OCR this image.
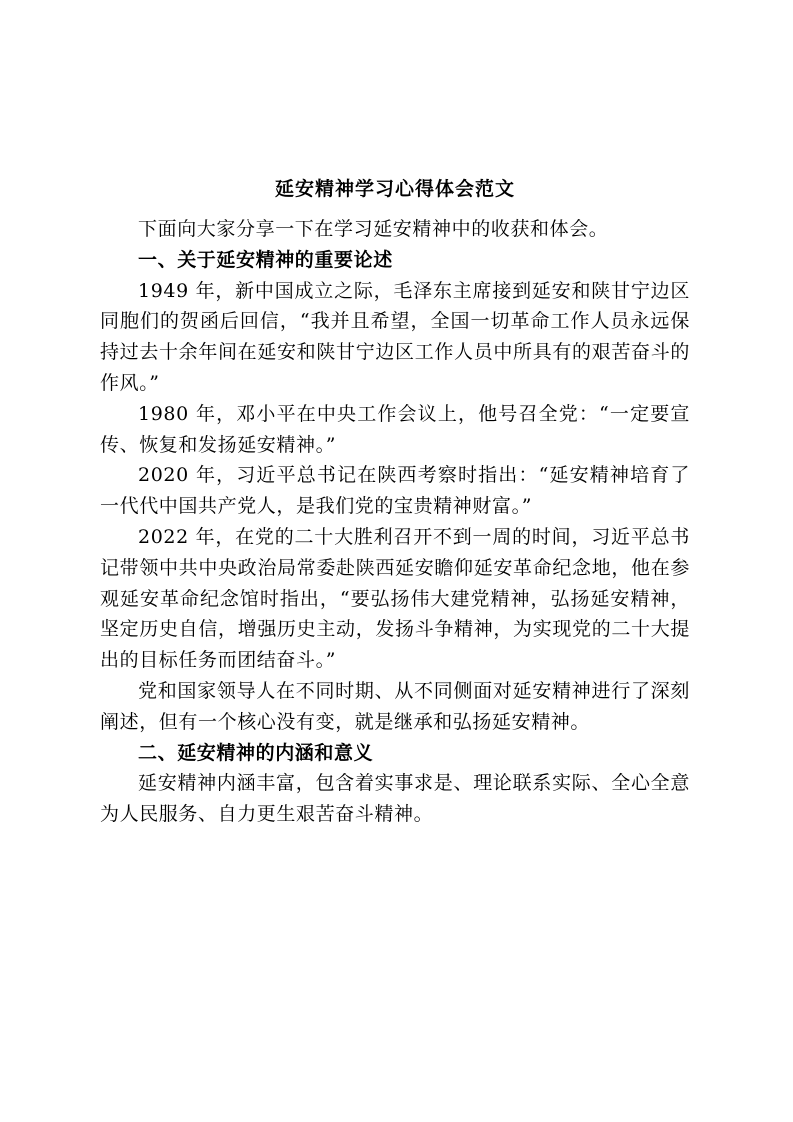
延安精神学习心得体会范文

下面向大家分享一下在学习延安精神中的收获和体会。

一、关于延安精神的重要论述

1949 年，新中国成立之际，毛泽东主席接到延安和陕甘宁边区同胞们的贺函后回信，“我并且希望，全国一切革命工作人员永远保持过去十余年间在延安和陕甘宁边区工作人员中所具有的艰苦奋斗的作风。”

1980 年，邓小平在中央工作会议上，他号召全党：“一定要宣传、恢复和发扬延安精神。”

2020 年，习近平总书记在陕西考察时指出：“延安精神培育了一代代中国共产党人，是我们党的宝贵精神财富。”

2022 年，在党的二十大胜利召开不到一周的时间，习近平总书记带领中共中央政治局常委赴陕西延安瞻仰延安革命纪念地，他在参观延安革命纪念馆时指出，“要弘扬伟大建党精神，弘扬延安精神，坚定历史自信，增强历史主动，发扬斗争精神，为实现党的二十大提出的目标任务而团结奋斗。”

党和国家领导人在不同时期、从不同侧面对延安精神进行了深刻阐述，但有一个核心没有变，就是继承和弘扬延安精神。

二、延安精神的内涵和意义

延安精神内涵丰富，包含着实事求是、理论联系实际、全心全意为人民服务、自力更生艰苦奋斗精神。
